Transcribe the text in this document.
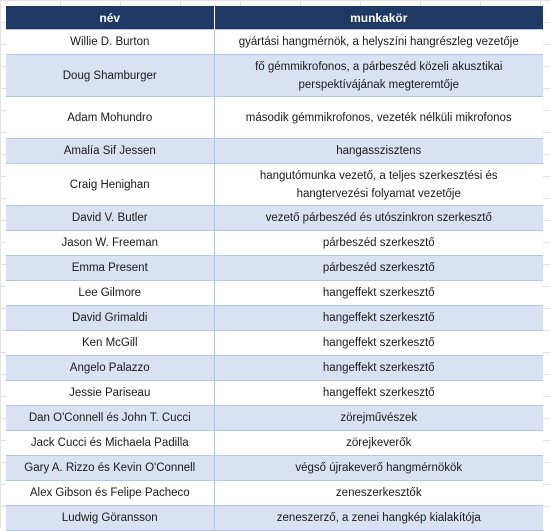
név	munkakör
Willie D. Burton	gyártási hangmérnök, a helyszíni hangrészleg vezetője
Doug Shamburger	fő gémmikrofonos, a párbeszéd közeli akusztikai perspektívájának megteremtője
Adam Mohundro	második gémmikrofonos, vezeték nélküli mikrofonos
Amalía Sif Jessen	hangasszisztens
Craig Henighan	hangutómunka vezető, a teljes szerkesztési és hangtervezési folyamat vezetője
David V. Butler	vezető párbeszéd és utószinkron szerkesztő
Jason W. Freeman	párbeszéd szerkesztő
Emma Present	párbeszéd szerkesztő
Lee Gilmore	hangeffekt szerkesztő
David Grimaldi	hangeffekt szerkesztő
Ken McGill	hangeffekt szerkesztő
Angelo Palazzo	hangeffekt szerkesztő
Jessie Pariseau	hangeffekt szerkesztő
Dan O'Connell és John T. Cucci	zörejművészek
Jack Cucci és Michaela Padilla	zörejkeverők
Gary A. Rizzo és Kevin O'Connell	végső újrakeverő hangmérnökök
Alex Gibson és Felipe Pacheco	zeneszerkesztők
Ludwig Göransson	zeneszerző, a zenei hangkép kialakítója
